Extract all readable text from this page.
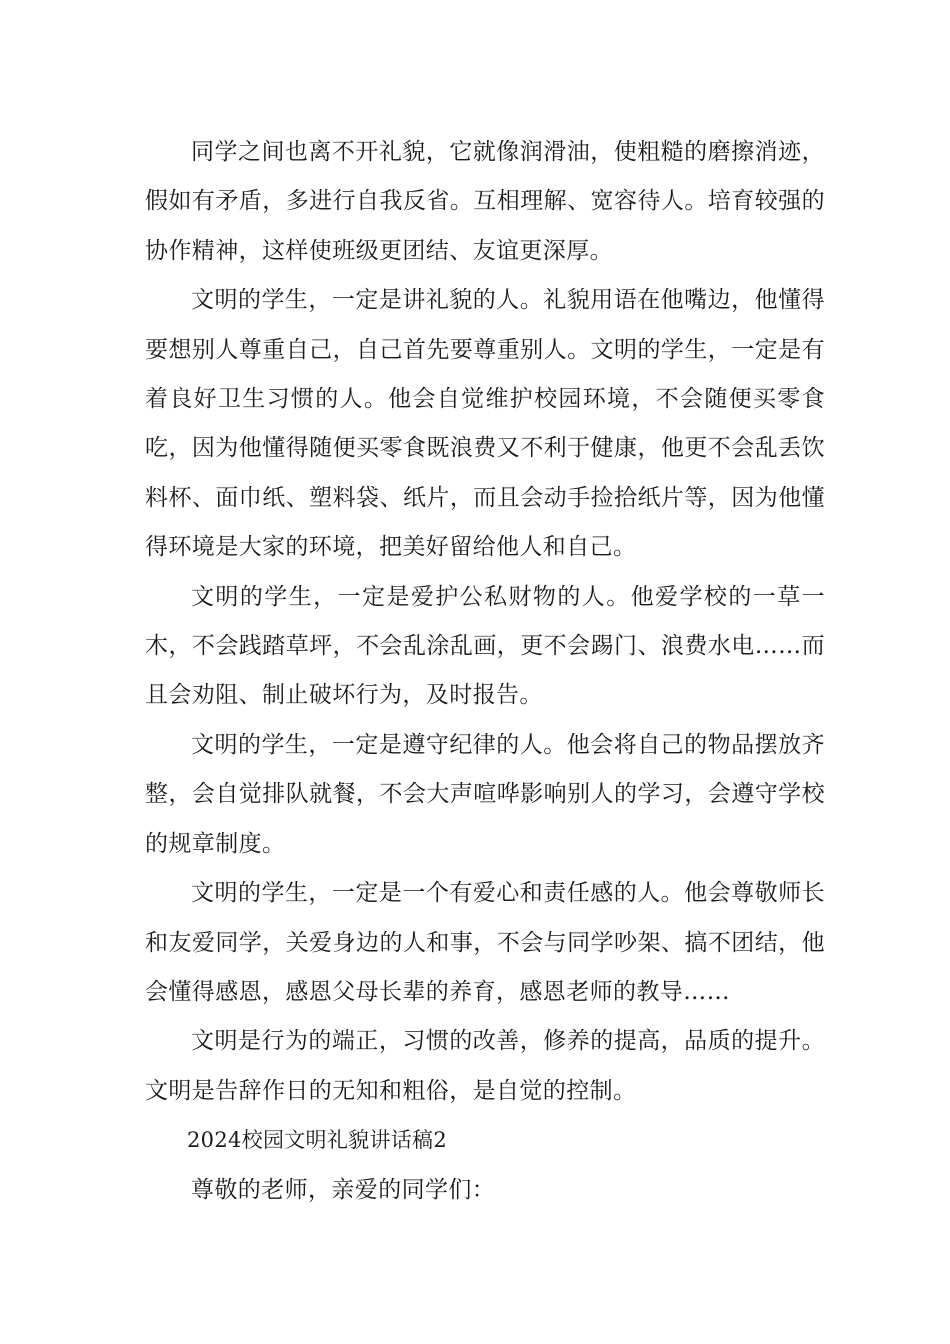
同学之间也离不开礼貌，它就像润滑油，使粗糙的磨擦消迹，假如有矛盾，多进行自我反省。互相理解、宽容待人。培育较强的协作精神，这样使班级更团结、友谊更深厚。

文明的学生，一定是讲礼貌的人。礼貌用语在他嘴边，他懂得要想别人尊重自己，自己首先要尊重别人。文明的学生，一定是有着良好卫生习惯的人。他会自觉维护校园环境，不会随便买零食吃，因为他懂得随便买零食既浪费又不利于健康，他更不会乱丢饮料杯、面巾纸、塑料袋、纸片，而且会动手捡拾纸片等，因为他懂得环境是大家的环境，把美好留给他人和自己。

文明的学生，一定是爱护公私财物的人。他爱学校的一草一木，不会践踏草坪，不会乱涂乱画，更不会踢门、浪费水电……而且会劝阻、制止破坏行为，及时报告。

文明的学生，一定是遵守纪律的人。他会将自己的物品摆放齐整，会自觉排队就餐，不会大声喧哗影响别人的学习，会遵守学校的规章制度。

文明的学生，一定是一个有爱心和责任感的人。他会尊敬师长和友爱同学，关爱身边的人和事，不会与同学吵架、搞不团结，他会懂得感恩，感恩父母长辈的养育，感恩老师的教导……

文明是行为的端正，习惯的改善，修养的提高，品质的提升。文明是告辞作日的无知和粗俗，是自觉的控制。

2024校园文明礼貌讲话稿2

尊敬的老师，亲爱的同学们：
